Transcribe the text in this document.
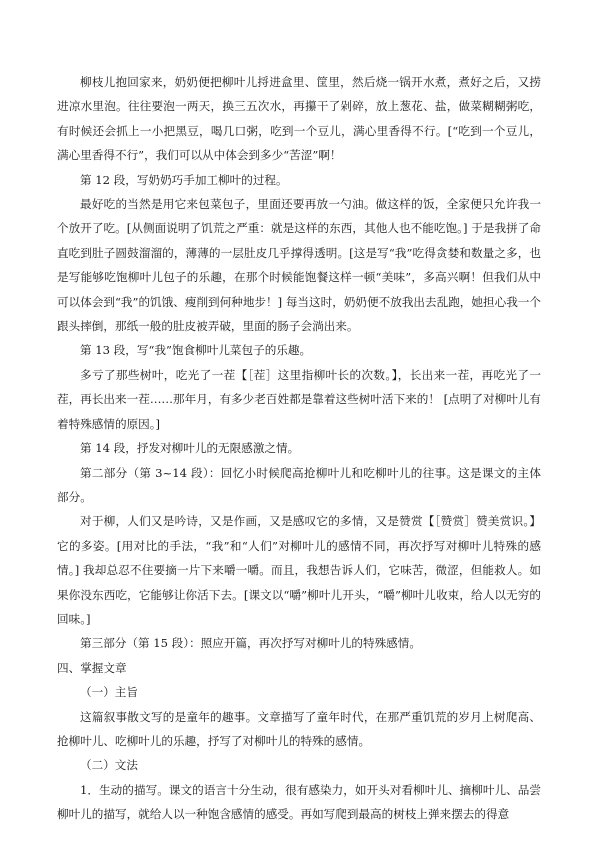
柳枝儿抱回家来，奶奶便把柳叶儿捋进盒里、筐里，然后烧一锅开水煮，煮好之后，又捞进凉水里泡。往往要泡一两天，换三五次水，再攥干了剁碎，放上葱花、盐，做菜糊糊粥吃，有时候还会抓上一小把黑豆，喝几口粥，吃到一个豆儿，满心里香得不行。[“吃到一个豆儿，满心里香得不行”，我们可以从中体会到多少“苦涩”啊！

第 12 段，写奶奶巧手加工柳叶的过程。

最好吃的当然是用它来包菜包子，里面还要再放一勺油。做这样的饭，全家便只允许我一个放开了吃。[从侧面说明了饥荒之严重：就是这样的东西，其他人也不能吃饱。] 于是我拼了命直吃到肚子圆鼓溜溜的，薄薄的一层肚皮几乎撑得透明。[这是写“我”吃得贪婪和数量之多，也是写能够吃饱柳叶儿包子的乐趣，在那个时候能饱餐这样一顿“美味”，多高兴啊！但我们从中可以体会到“我”的饥饿、瘦削到何种地步！] 每当这时，奶奶便不放我出去乱跑，她担心我一个跟头摔倒，那纸一般的肚皮被弄破，里面的肠子会淌出来。

第 13 段，写“我”饱食柳叶儿菜包子的乐趣。

多亏了那些树叶，吃光了一茬【［茬］这里指柳叶长的次数。】，长出来一茬，再吃光了一茬，再长出来一茬……那年月，有多少老百姓都是靠着这些树叶活下来的！ [点明了对柳叶儿有着特殊感情的原因。]

第 14 段，抒发对柳叶儿的无限感激之情。

第二部分（第 3~14 段）：回忆小时候爬高抢柳叶儿和吃柳叶儿的往事。这是课文的主体部分。

对于柳，人们又是吟诗，又是作画，又是感叹它的多情，又是赞赏【［赞赏］赞美赏识。】它的多姿。[用对比的手法，“我”和“人们”对柳叶儿的感情不同，再次抒写对柳叶儿特殊的感情。] 我却总忍不住要摘一片下来嚼一嚼。而且，我想告诉人们，它味苦，微涩，但能救人。如果你没东西吃，它能够让你活下去。[课文以“嚼”柳叶儿开头，“嚼”柳叶儿收束，给人以无穷的回味。]

第三部分（第 15 段）：照应开篇，再次抒写对柳叶儿的特殊感情。

四、掌握文章

（一）主旨

这篇叙事散文写的是童年的趣事。文章描写了童年时代，在那严重饥荒的岁月上树爬高、抢柳叶儿、吃柳叶儿的乐趣，抒写了对柳叶儿的特殊的感情。

（二）文法

1．生动的描写。课文的语言十分生动，很有感染力，如开头对看柳叶儿、摘柳叶儿、品尝柳叶儿的描写，就给人以一种饱含感情的感受。再如写爬到最高的树枝上弹来摆去的得意
